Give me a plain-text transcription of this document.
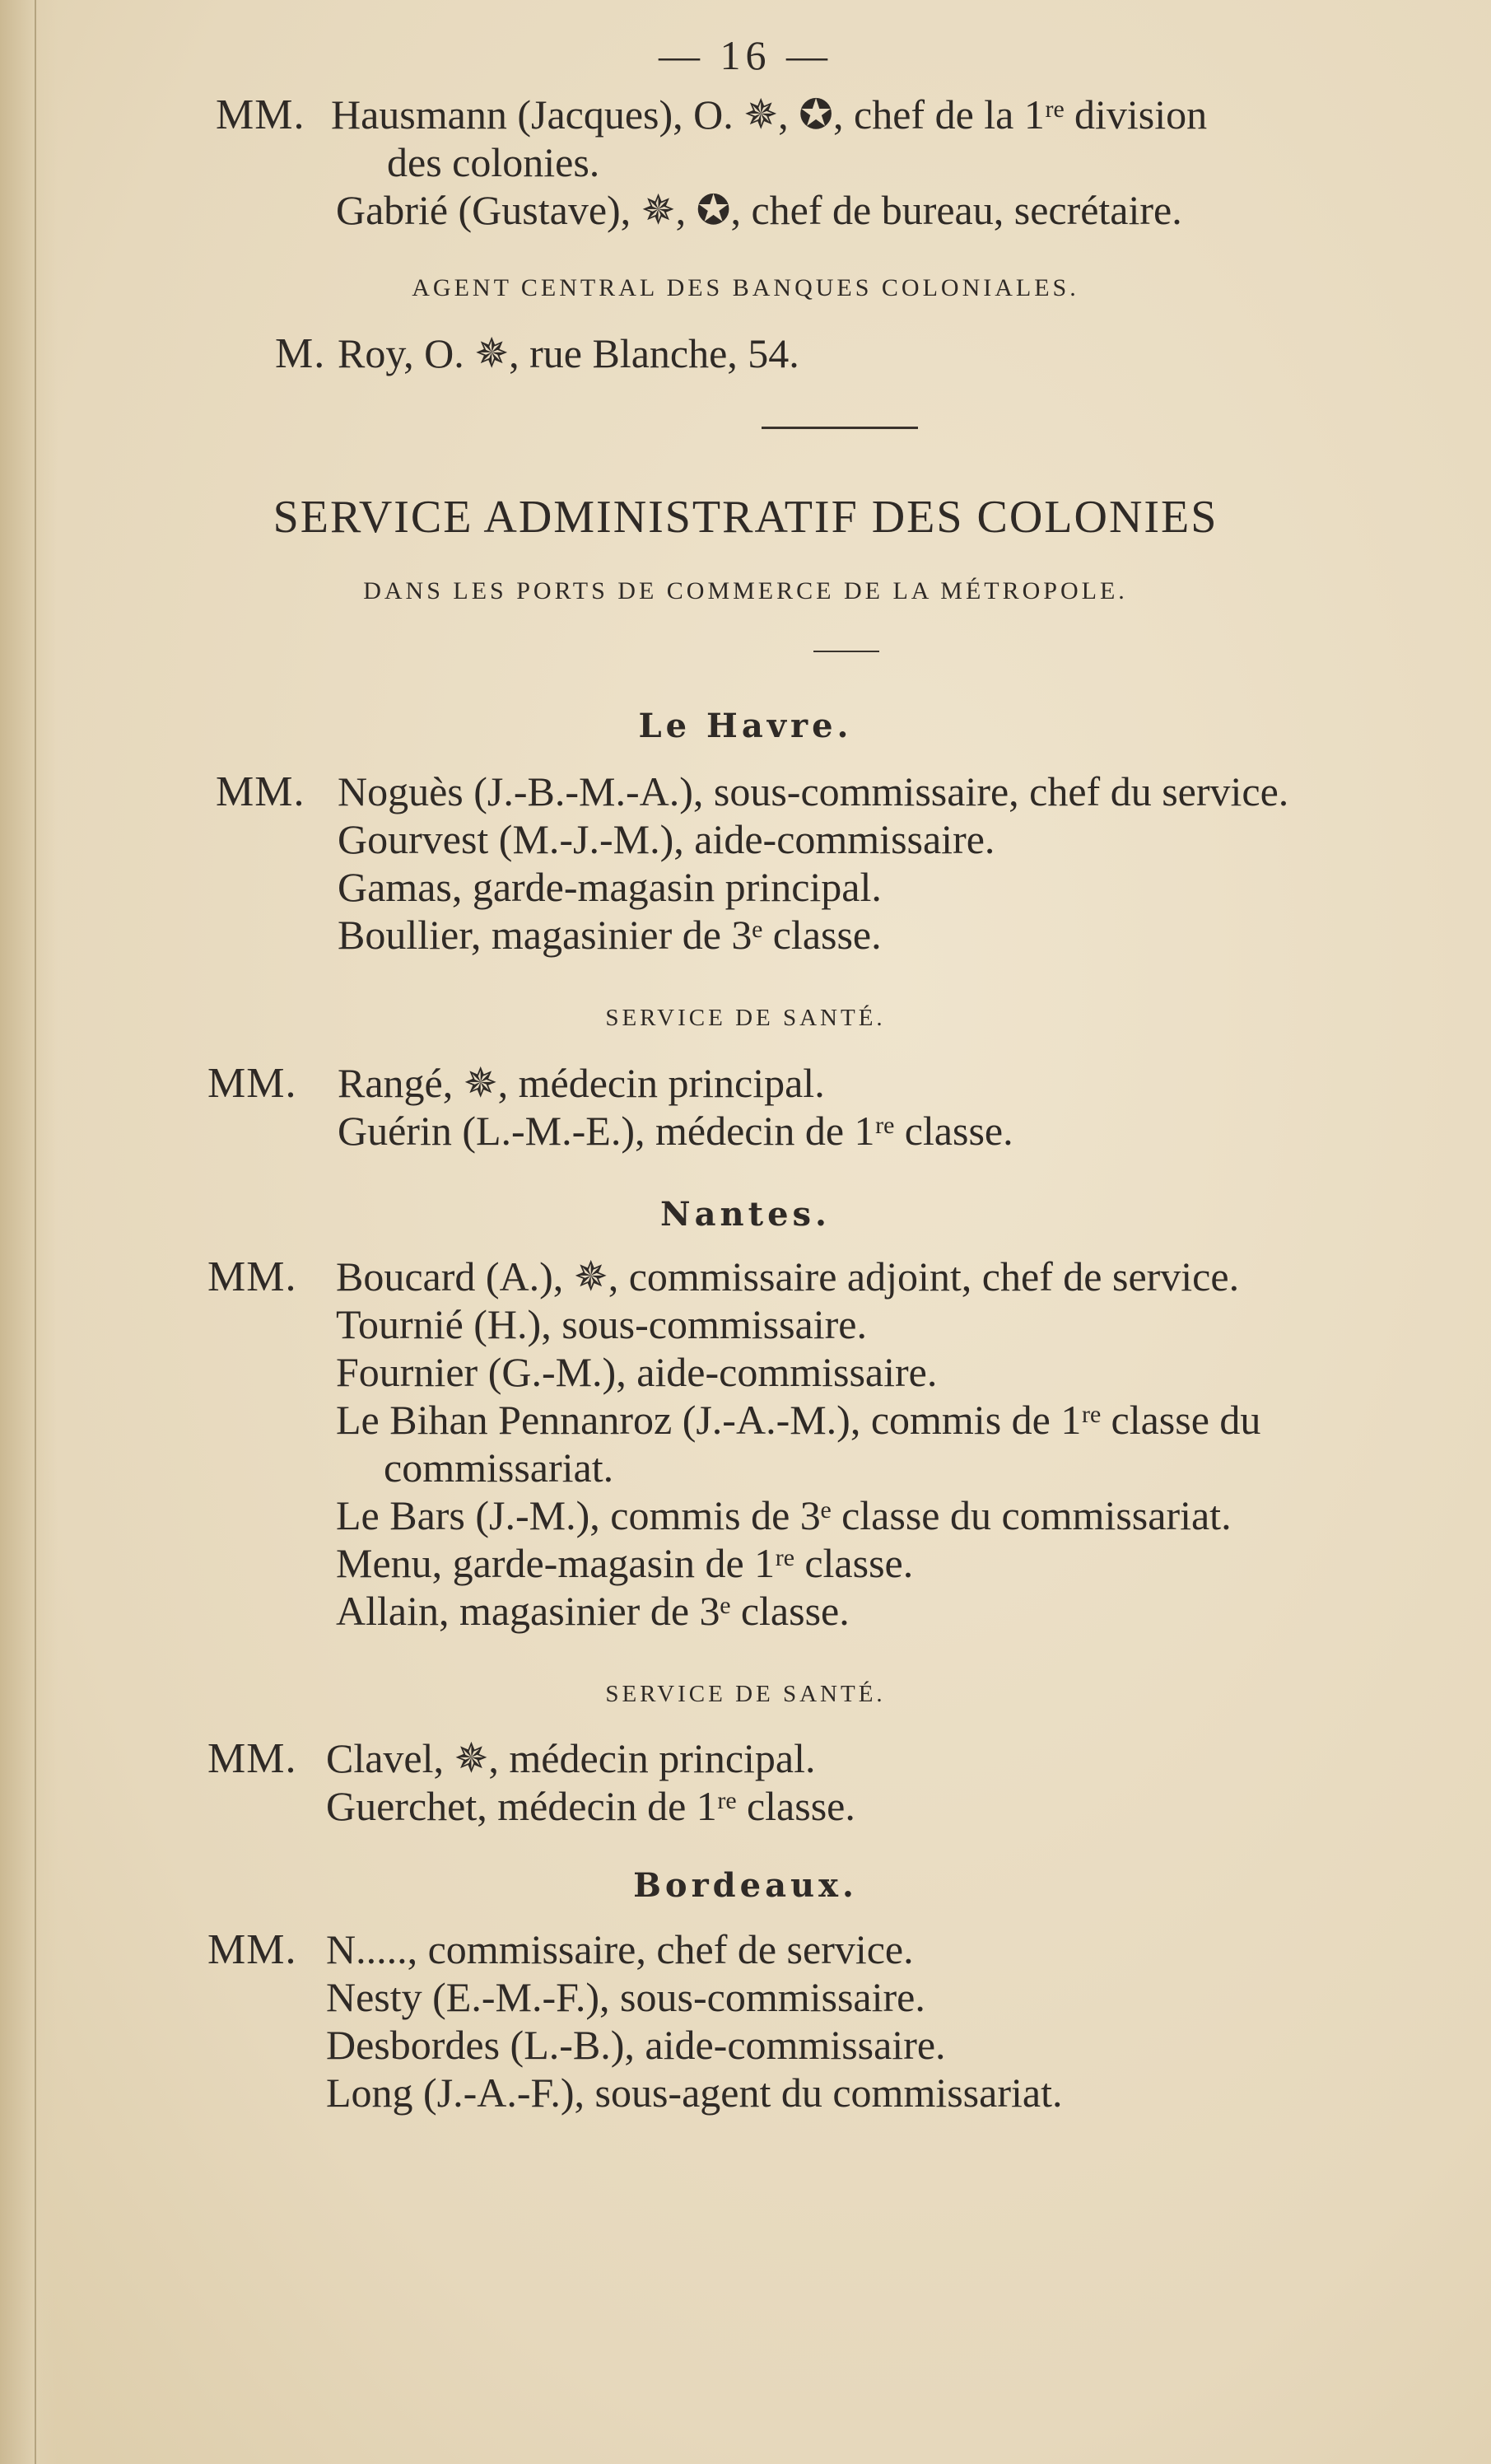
— 16 —
MM. Hausmann (Jacques), O. ✵, ✪, chef de la 1ʳᵉ division
des colonies.
Gabrié (Gustave), ✵, ✪, chef de bureau, secrétaire.
AGENT CENTRAL DES BANQUES COLONIALES.
M. Roy, O. ✵, rue Blanche, 54.
SERVICE ADMINISTRATIF DES COLONIES
DANS LES PORTS DE COMMERCE DE LA MÉTROPOLE.
Le Havre.
MM. Noguès (J.-B.-M.-A.), sous-commissaire, chef du service.
Gourvest (M.-J.-M.), aide-commissaire.
Gamas, garde-magasin principal.
Boullier, magasinier de 3ᵉ classe.
SERVICE DE SANTÉ.
MM. Rangé, ✵, médecin principal.
Guérin (L.-M.-E.), médecin de 1ʳᵉ classe.
Nantes.
MM. Boucard (A.), ✵, commissaire adjoint, chef de service.
Tournié (H.), sous-commissaire.
Fournier (G.-M.), aide-commissaire.
Le Bihan Pennanroz (J.-A.-M.), commis de 1ʳᵉ classe du
commissariat.
Le Bars (J.-M.), commis de 3ᵉ classe du commissariat.
Menu, garde-magasin de 1ʳᵉ classe.
Allain, magasinier de 3ᵉ classe.
SERVICE DE SANTÉ.
MM. Clavel, ✵, médecin principal.
Guerchet, médecin de 1ʳᵉ classe.
Bordeaux.
MM. N....., commissaire, chef de service.
Nesty (E.-M.-F.), sous-commissaire.
Desbordes (L.-B.), aide-commissaire.
Long (J.-A.-F.), sous-agent du commissariat.
